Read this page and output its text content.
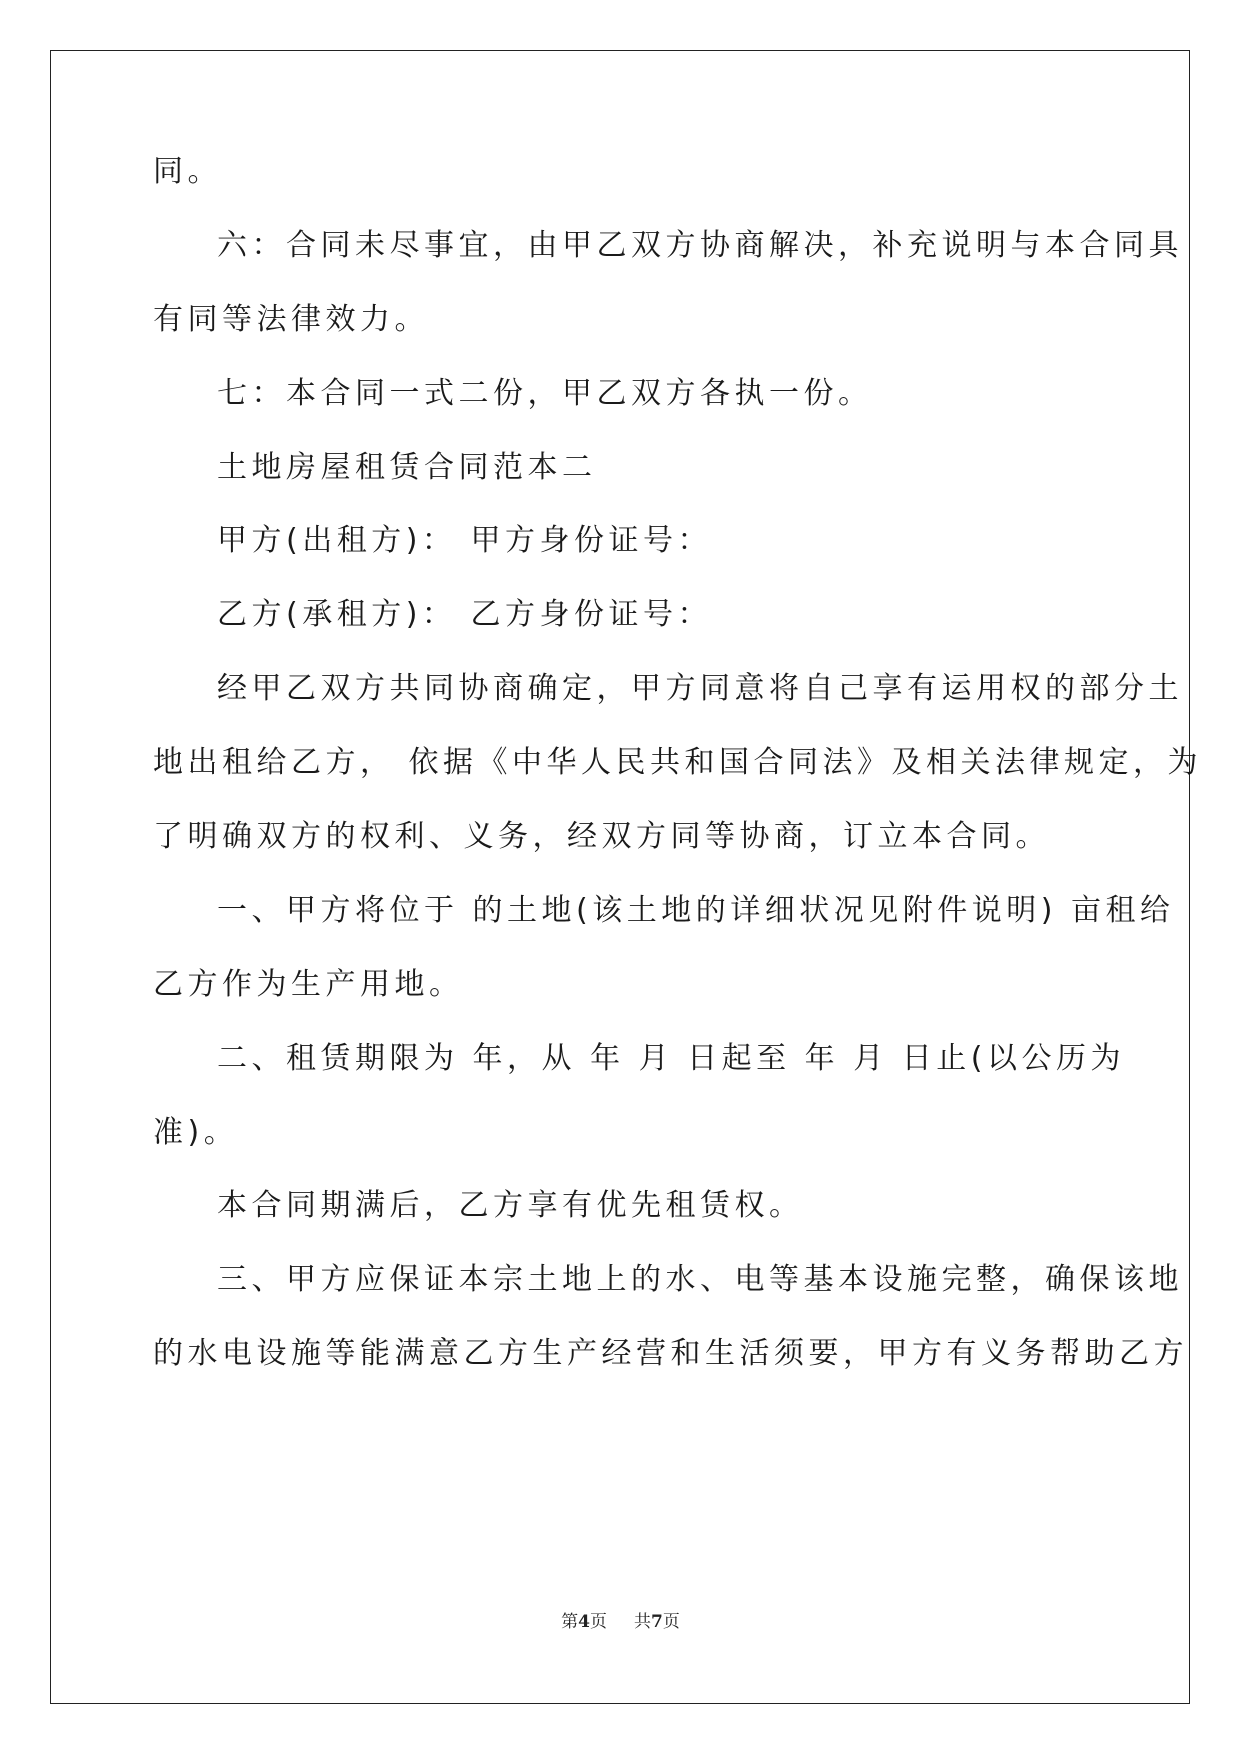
同。
六：合同未尽事宜，由甲乙双方协商解决，补充说明与本合同具
有同等法律效力。
七：本合同一式二份，甲乙双方各执一份。
土地房屋租赁合同范本二
甲方(出租方)： 甲方身份证号：
乙方(承租方)： 乙方身份证号：
经甲乙双方共同协商确定，甲方同意将自己享有运用权的部分土
地出租给乙方， 依据《中华人民共和国合同法》及相关法律规定，为
了明确双方的权利、义务，经双方同等协商，订立本合同。
一、甲方将位于 的土地(该土地的详细状况见附件说明) 亩租给
乙方作为生产用地。
二、租赁期限为 年，从 年 月 日起至 年 月 日止(以公历为
准)。
本合同期满后，乙方享有优先租赁权。
三、甲方应保证本宗土地上的水、电等基本设施完整，确保该地
的水电设施等能满意乙方生产经营和生活须要，甲方有义务帮助乙方
第4页 共7页
